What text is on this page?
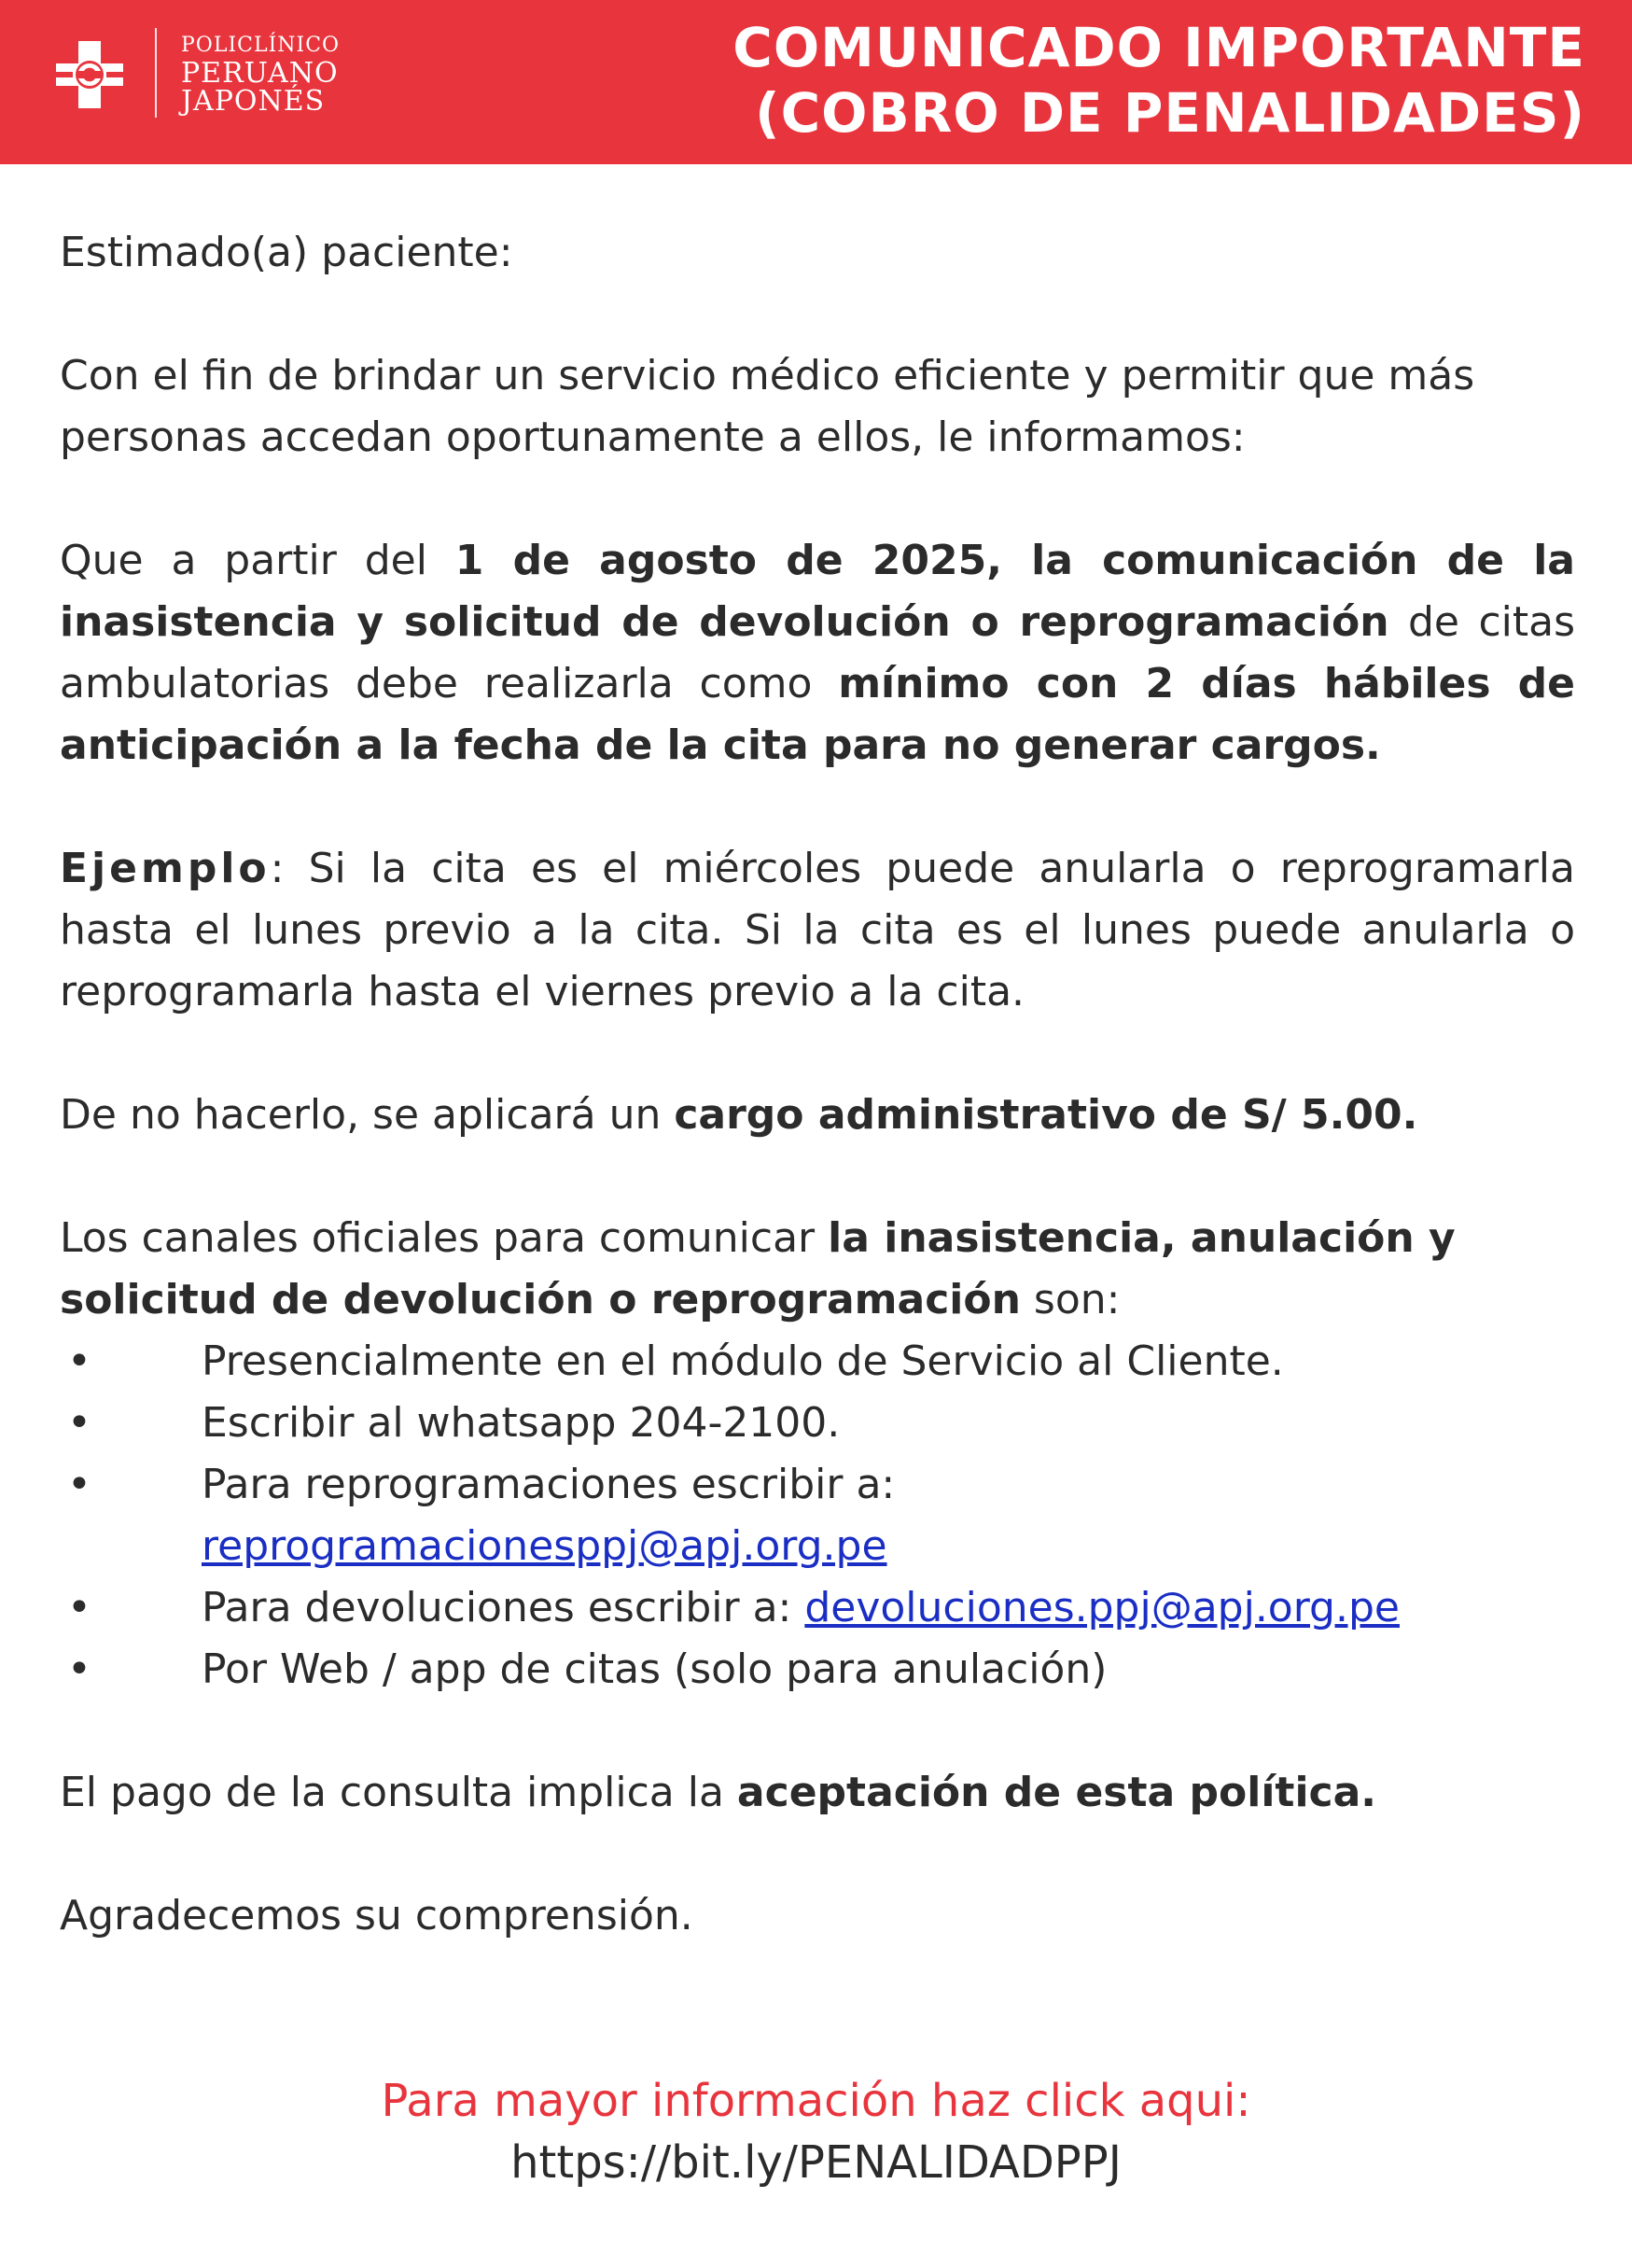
POLICLÍNICO
PERUANO
JAPONÉS
COMUNICADO IMPORTANTE
(COBRO DE PENALIDADES)

Estimado(a) paciente:

Con el fin de brindar un servicio médico eficiente y permitir que más personas accedan oportunamente a ellos, le informamos:

Que a partir del 1 de agosto de 2025, la comunicación de la inasistencia y solicitud de devolución o reprogramación de citas ambulatorias debe realizarla como mínimo con 2 días hábiles de anticipación a la fecha de la cita para no generar cargos.

Ejemplo: Si la cita es el miércoles puede anularla o reprogramarla hasta el lunes previo a la cita. Si la cita es el lunes puede anularla o reprogramarla hasta el viernes previo a la cita.

De no hacerlo, se aplicará un cargo administrativo de S/ 5.00.

Los canales oficiales para comunicar la inasistencia, anulación y solicitud de devolución o reprogramación son:
•	Presencialmente en el módulo de Servicio al Cliente.
•	Escribir al whatsapp 204-2100.
•	Para reprogramaciones escribir a:
reprogramacionesppj@apj.org.pe
•	Para devoluciones escribir a: devoluciones.ppj@apj.org.pe
•	Por Web / app de citas (solo para anulación)

El pago de la consulta implica la aceptación de esta política.

Agradecemos su comprensión.

Para mayor información haz click aqui:
https://bit.ly/PENALIDADPPJ
